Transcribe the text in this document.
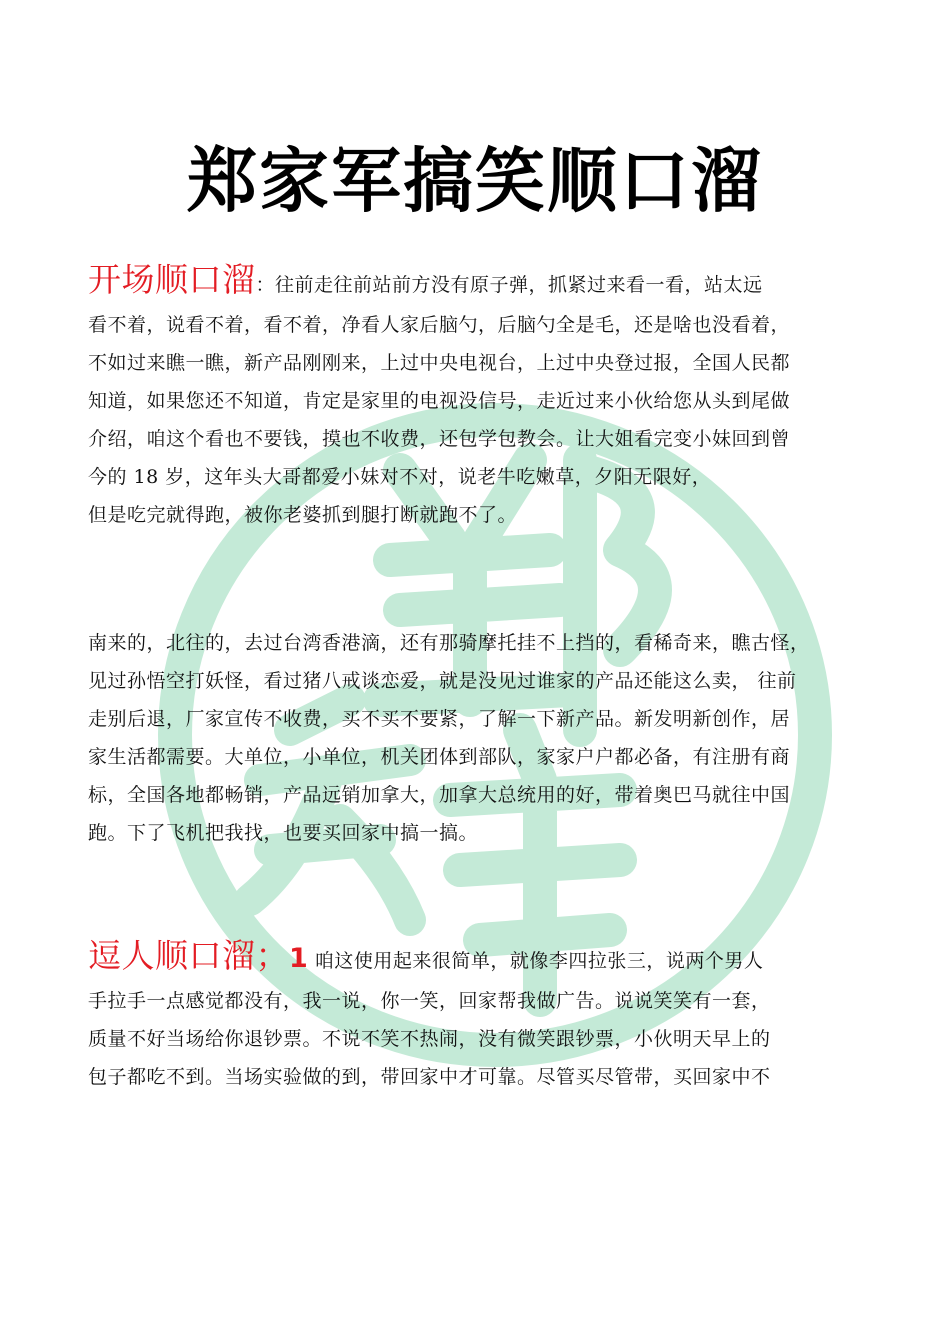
郑家军搞笑顺口溜
开场顺口溜：往前走往前站前方没有原子弹，抓紧过来看一看，站太远
看不着，说看不着，看不着，净看人家后脑勺，后脑勺全是毛，还是啥也没看着，
不如过来瞧一瞧，新产品刚刚来，上过中央电视台，上过中央登过报，全国人民都
知道，如果您还不知道，肯定是家里的电视没信号，走近过来小伙给您从头到尾做
介绍，咱这个看也不要钱，摸也不收费，还包学包教会。让大姐看完变小妹回到曾
今的 18 岁，这年头大哥都爱小妹对不对，说老牛吃嫩草，夕阳无限好，
但是吃完就得跑，被你老婆抓到腿打断就跑不了。
南来的，北往的，去过台湾香港滴，还有那骑摩托挂不上挡的，看稀奇来，瞧古怪，
见过孙悟空打妖怪，看过猪八戒谈恋爱，就是没见过谁家的产品还能这么卖， 往前
走别后退，厂家宣传不收费，买不买不要紧，了解一下新产品。新发明新创作，居
家生活都需要。大单位，小单位，机关团体到部队，家家户户都必备，有注册有商
标，全国各地都畅销，产品远销加拿大，加拿大总统用的好，带着奥巴马就往中国
跑。下了飞机把我找，也要买回家中搞一搞。
逗人顺口溜；1 咱这使用起来很简单，就像李四拉张三，说两个男人
手拉手一点感觉都没有，我一说，你一笑，回家帮我做广告。说说笑笑有一套，
质量不好当场给你退钞票。不说不笑不热闹，没有微笑跟钞票，小伙明天早上的
包子都吃不到。当场实验做的到，带回家中才可靠。尽管买尽管带，买回家中不
